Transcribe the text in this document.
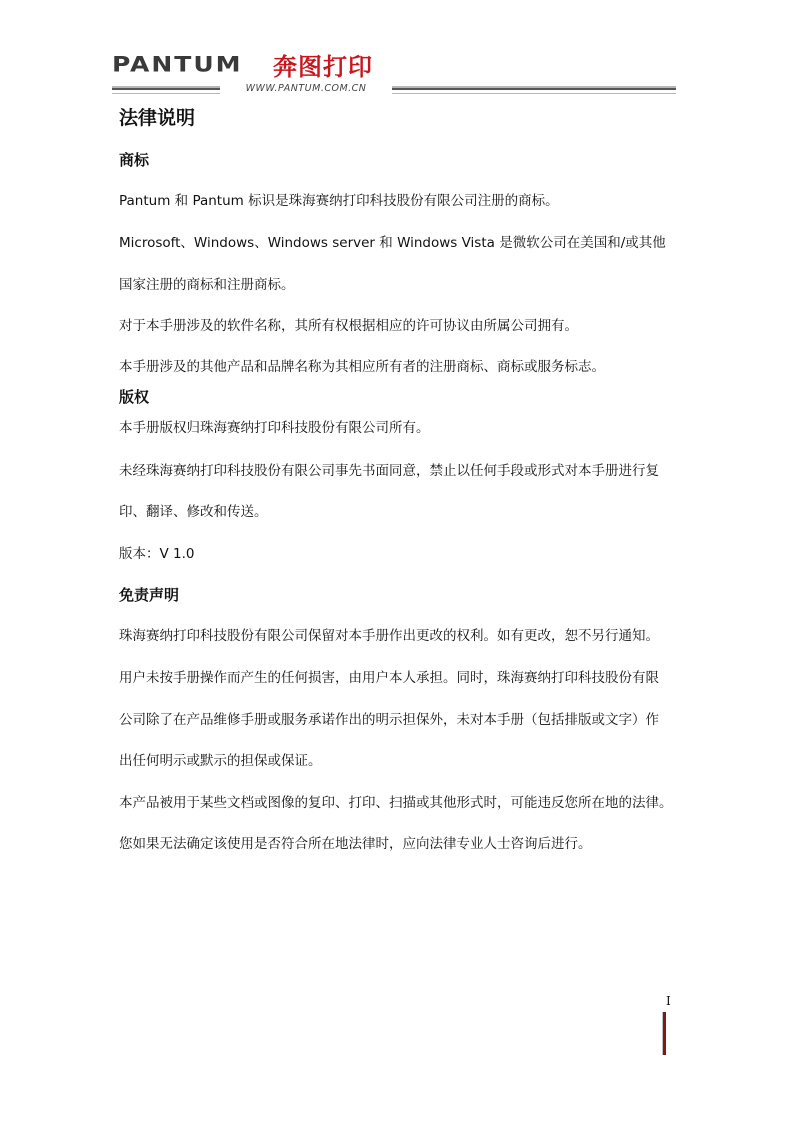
PANTUM 奔图打印
WWW.PANTUM.COM.CN
法律说明
商标
Pantum 和 Pantum 标识是珠海赛纳打印科技股份有限公司注册的商标。
Microsoft、Windows、Windows server 和 Windows Vista 是微软公司在美国和/或其他
国家注册的商标和注册商标。
对于本手册涉及的软件名称，其所有权根据相应的许可协议由所属公司拥有。
本手册涉及的其他产品和品牌名称为其相应所有者的注册商标、商标或服务标志。
版权
本手册版权归珠海赛纳打印科技股份有限公司所有。
未经珠海赛纳打印科技股份有限公司事先书面同意，禁止以任何手段或形式对本手册进行复
印、翻译、修改和传送。
版本：V 1.0
免责声明
珠海赛纳打印科技股份有限公司保留对本手册作出更改的权利。如有更改，恕不另行通知。
用户未按手册操作而产生的任何损害，由用户本人承担。同时，珠海赛纳打印科技股份有限
公司除了在产品维修手册或服务承诺作出的明示担保外，未对本手册（包括排版或文字）作
出任何明示或默示的担保或保证。
本产品被用于某些文档或图像的复印、打印、扫描或其他形式时，可能违反您所在地的法律。
您如果无法确定该使用是否符合所在地法律时，应向法律专业人士咨询后进行。
I
